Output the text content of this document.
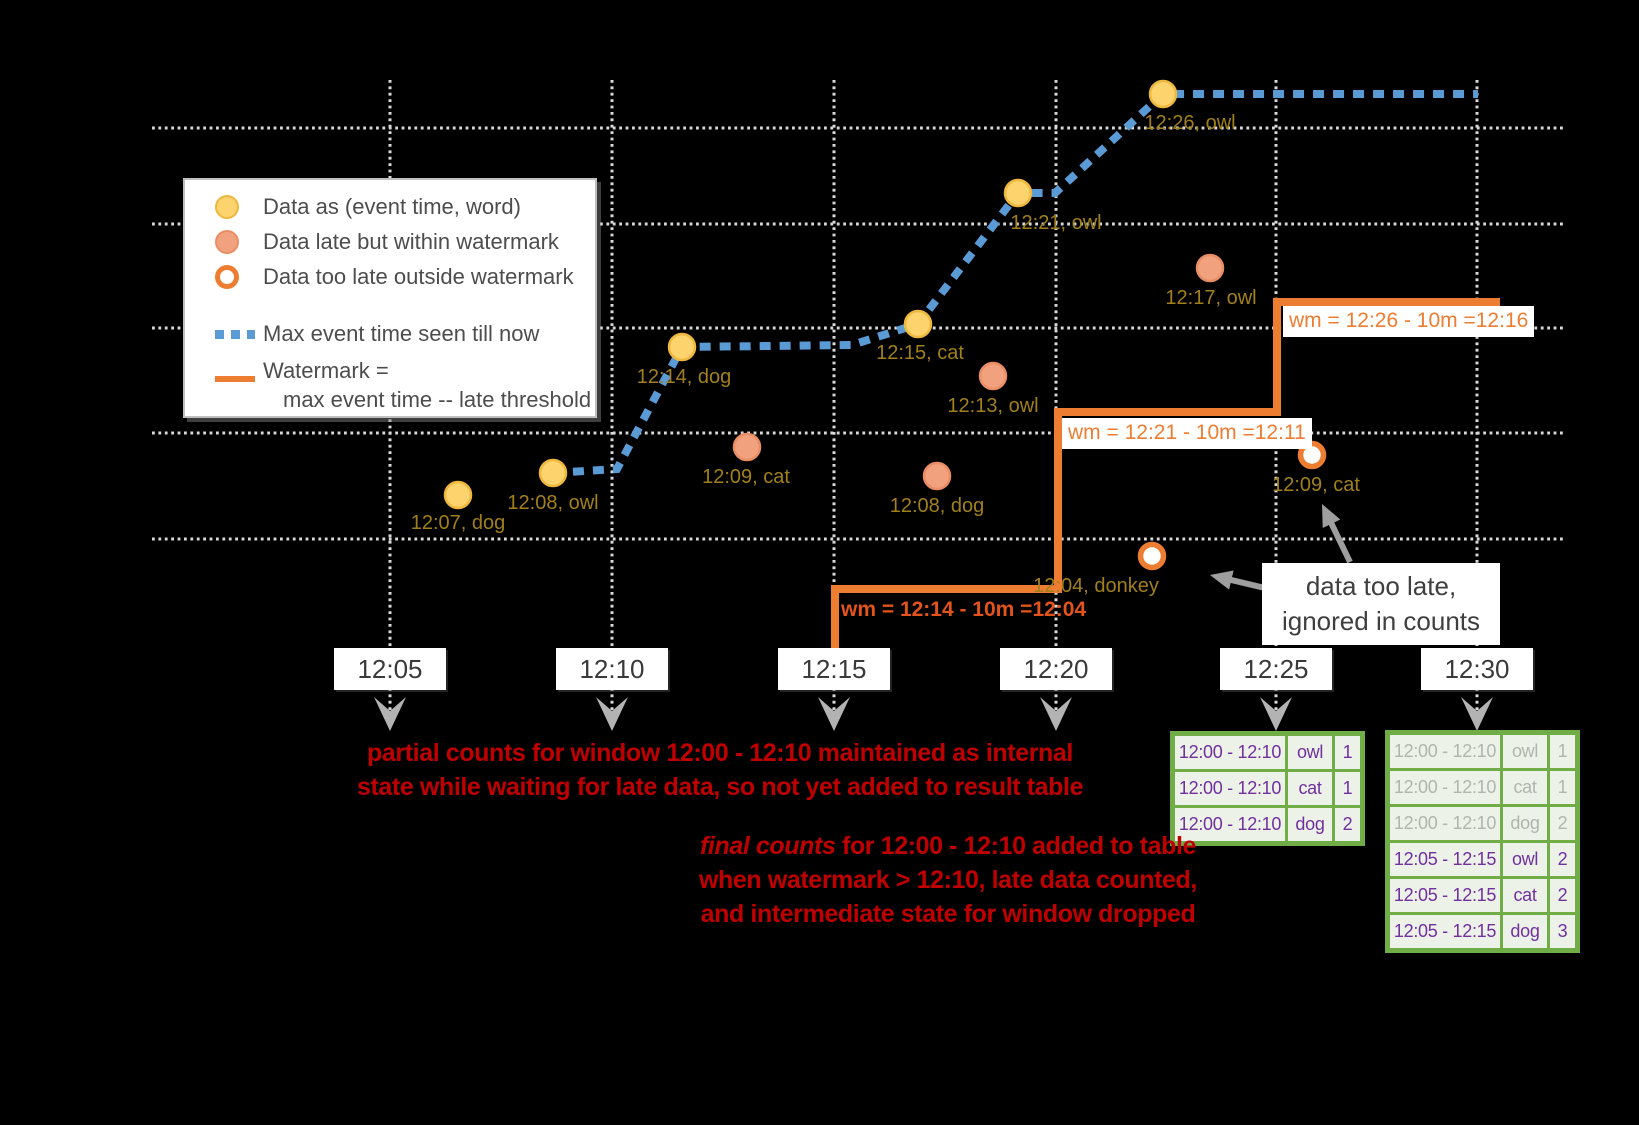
Data as (event time, word)
Data late but within watermark
Data too late outside watermark
Max event time seen till now
Watermark =
max event time -- late threshold
12:07, dog
12:08, owl
12:14, dog
12:15, cat
12:21, owl
12:26, owl
12:09, cat
12:13, owl
12:08, dog
12:17, owl
12:04, donkey
12:09, cat
wm = 12:14 - 10m =12:04
wm = 12:21 - 10m =12:11
wm = 12:26 - 10m =12:16
12:05	12:10	12:15	12:20	12:25	12:30
12:00 - 12:10 owl	1
12:00 - 12:10 cat	1
12:00 - 12:10 dog	2
12:00 - 12:10 owl	1
12:00 - 12:10 cat	1
12:00 - 12:10 dog	2
12:05 - 12:15 owl	2
12:05 - 12:15 cat	2
12:05 - 12:15 dog	3
partial counts for window 12:00 - 12:10 maintained as internal
state while waiting for late data, so not yet added to result table
final counts for 12:00 - 12:10 added to table
when watermark > 12:10, late data counted,
and intermediate state for window dropped
data too late,
ignored in counts
